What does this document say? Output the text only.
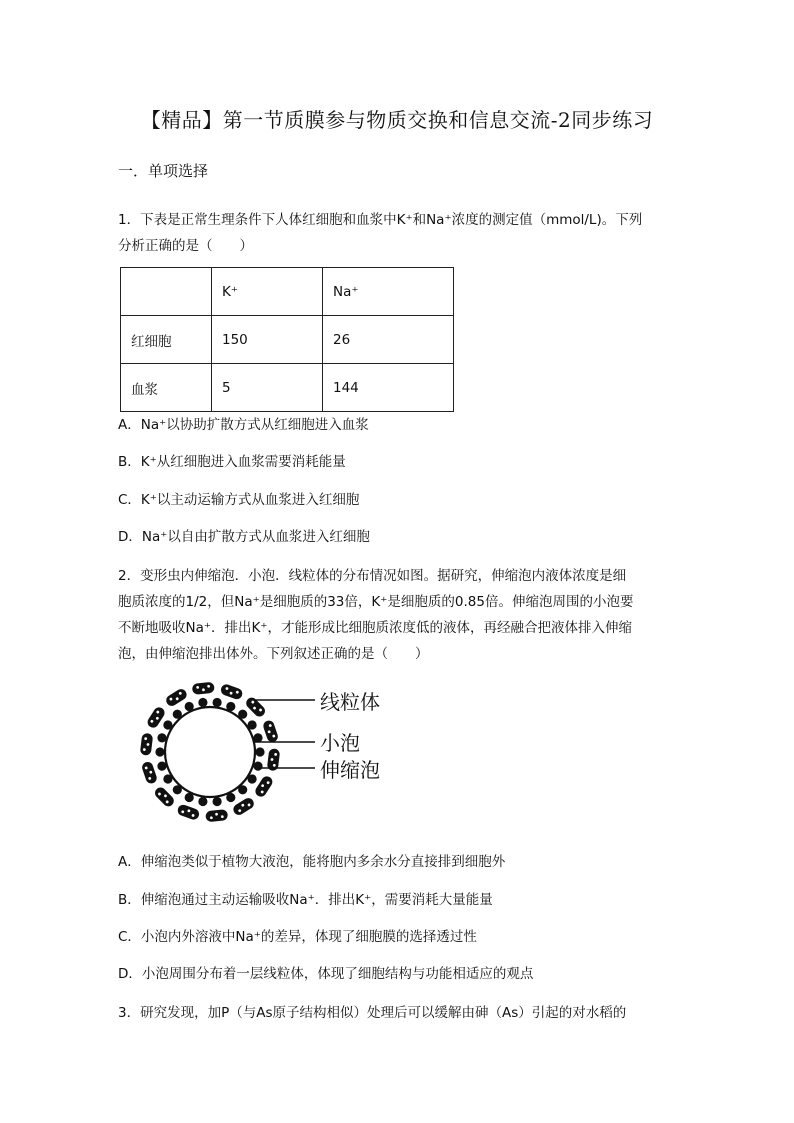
【精品】第一节质膜参与物质交换和信息交流-2同步练习
一．单项选择
1．下表是正常生理条件下人体红细胞和血浆中K⁺和Na⁺浓度的测定值（mmol/L)。下列
分析正确的是（　　）
	K⁺	Na⁺
红细胞	150	26
血浆	5	144
A．Na⁺以协助扩散方式从红细胞进入血浆
B．K⁺从红细胞进入血浆需要消耗能量
C．K⁺以主动运输方式从血浆进入红细胞
D．Na⁺以自由扩散方式从血浆进入红细胞
2．变形虫内伸缩泡．小泡．线粒体的分布情况如图。据研究，伸缩泡内液体浓度是细
胞质浓度的1/2，但Na⁺是细胞质的33倍，K⁺是细胞质的0.85倍。伸缩泡周围的小泡要
不断地吸收Na⁺．排出K⁺，才能形成比细胞质浓度低的液体，再经融合把液体排入伸缩
泡，由伸缩泡排出体外。下列叙述正确的是（　　）
线粒体
小泡
伸缩泡
A．伸缩泡类似于植物大液泡，能将胞内多余水分直接排到细胞外
B．伸缩泡通过主动运输吸收Na⁺．排出K⁺，需要消耗大量能量
C．小泡内外溶液中Na⁺的差异，体现了细胞膜的选择透过性
D．小泡周围分布着一层线粒体，体现了细胞结构与功能相适应的观点
3．研究发现，加P（与As原子结构相似）处理后可以缓解由砷（As）引起的对水稻的
